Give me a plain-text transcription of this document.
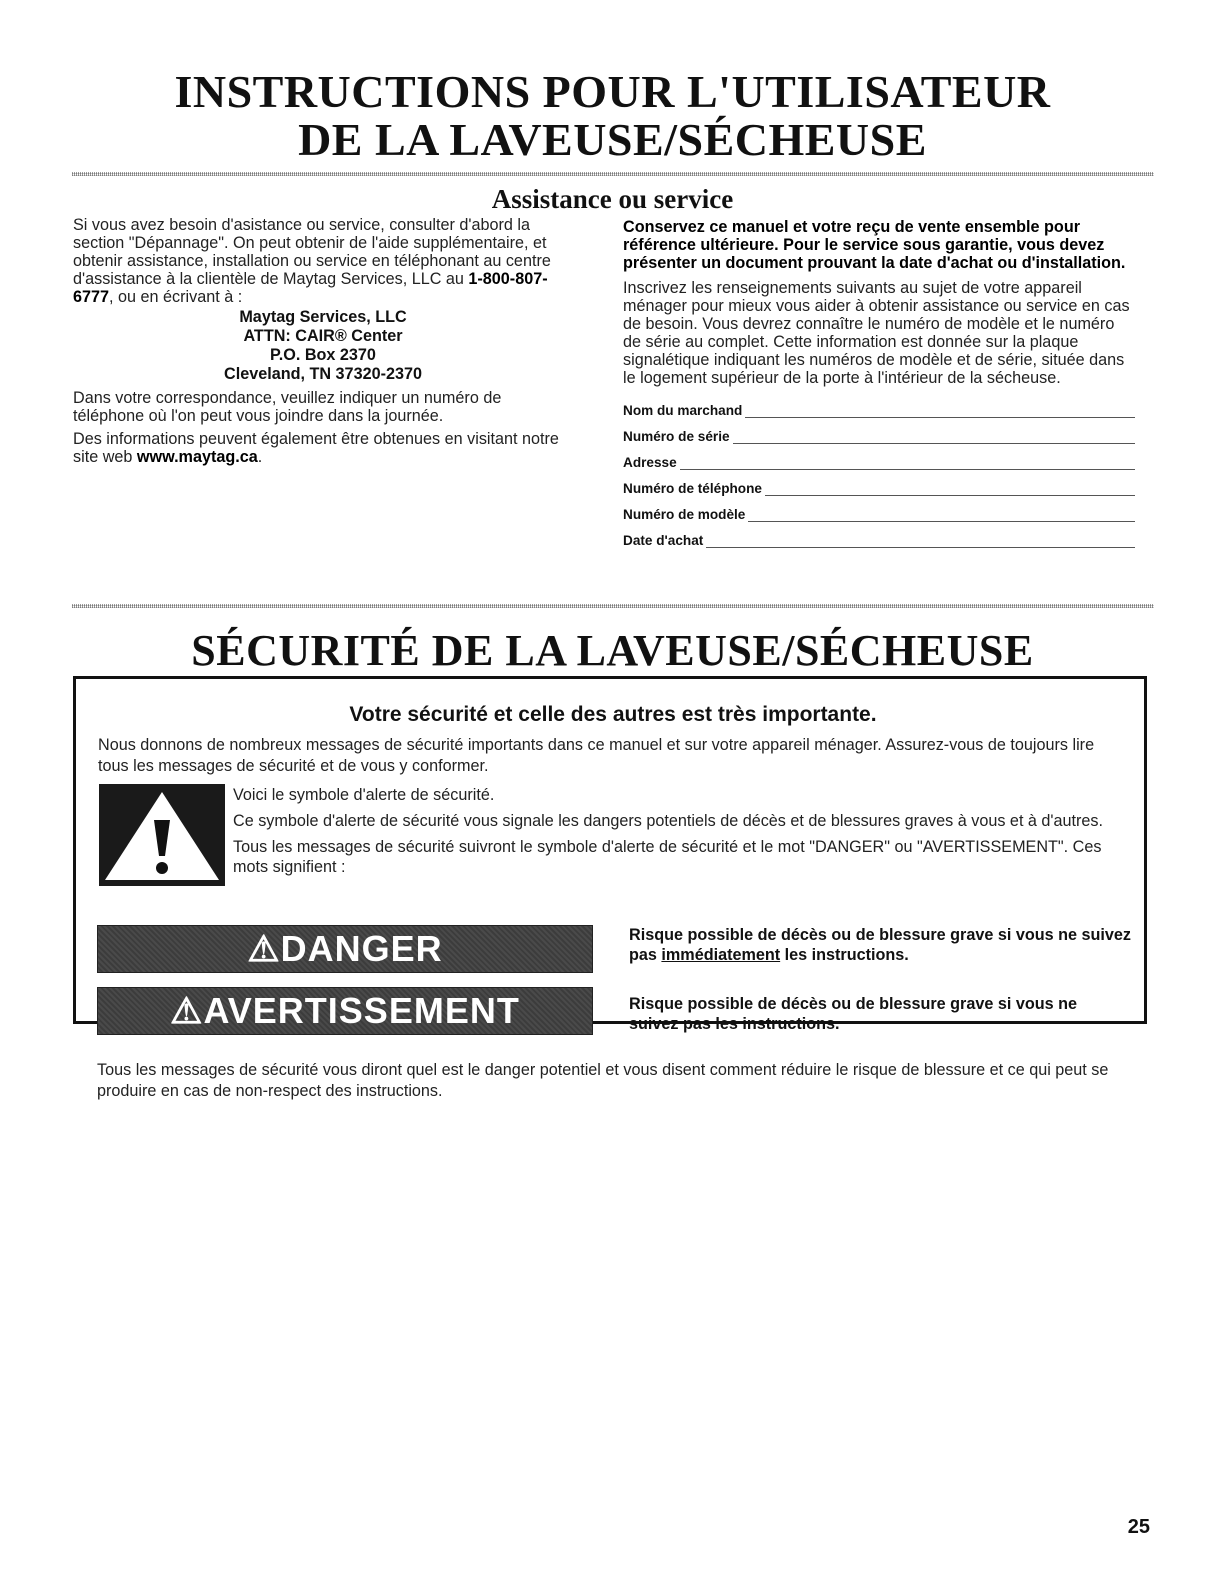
INSTRUCTIONS POUR L'UTILISATEUR
DE LA LAVEUSE/SÉCHEUSE
Assistance ou service
Si vous avez besoin d'asistance ou service, consulter d'abord la section "Dépannage". On peut obtenir de l'aide supplémentaire, et obtenir assistance, installation ou service en téléphonant au centre d'assistance à la clientèle de Maytag Services, LLC au 1-800-807-6777, ou en écrivant à :
Maytag Services, LLC
ATTN: CAIR® Center
P.O. Box 2370
Cleveland, TN 37320-2370
Dans votre correspondance, veuillez indiquer un numéro de téléphone où l'on peut vous joindre dans la journée.
Des informations peuvent également être obtenues en visitant notre site web www.maytag.ca.
Conservez ce manuel et votre reçu de vente ensemble pour référence ultérieure. Pour le service sous garantie, vous devez présenter un document prouvant la date d'achat ou d'installation.
Inscrivez les renseignements suivants au sujet de votre appareil ménager pour mieux vous aider à obtenir assistance ou service en cas de besoin. Vous devrez connaître le numéro de modèle et le numéro de série au complet. Cette information est donnée sur la plaque signalétique indiquant les numéros de modèle et de série, située dans le logement supérieur de la porte à l'intérieur de la sécheuse.
Nom du marchand
Numéro de série
Adresse
Numéro de téléphone
Numéro de modèle
Date d'achat
SÉCURITÉ DE LA LAVEUSE/SÉCHEUSE
Votre sécurité et celle des autres est très importante.
Nous donnons de nombreux messages de sécurité importants dans ce manuel et sur votre appareil ménager. Assurez-vous de toujours lire tous les messages de sécurité et de vous y conformer.
Voici le symbole d'alerte de sécurité.
Ce symbole d'alerte de sécurité vous signale les dangers potentiels de décès et de blessures graves à vous et à d'autres.
Tous les messages de sécurité suivront le symbole d'alerte de sécurité et le mot "DANGER" ou "AVERTISSEMENT". Ces mots signifient :
⚠DANGER	Risque possible de décès ou de blessure grave si vous ne suivez pas immédiatement les instructions.
⚠AVERTISSEMENT	Risque possible de décès ou de blessure grave si vous ne suivez pas les instructions.
Tous les messages de sécurité vous diront quel est le danger potentiel et vous disent comment réduire le risque de blessure et ce qui peut se produire en cas de non-respect des instructions.
25
